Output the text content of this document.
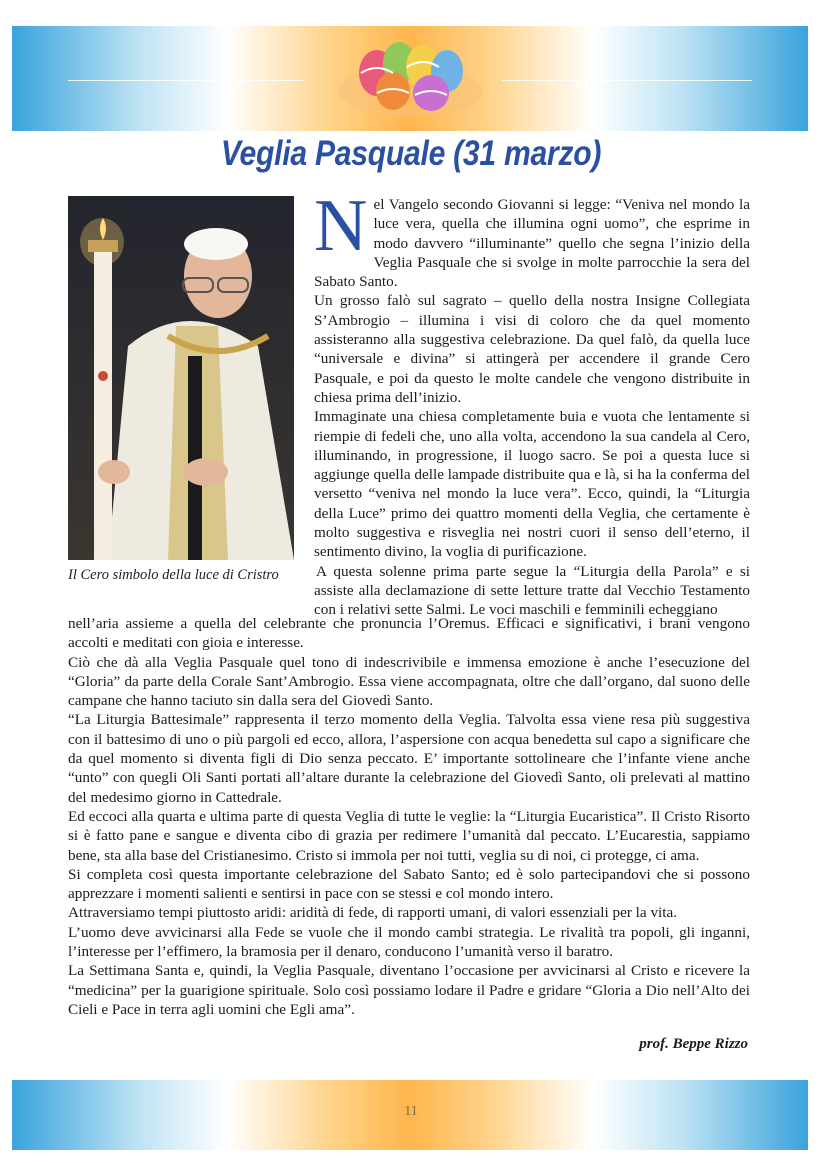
Veglia Pasquale (31 marzo)
Il Cero simbolo della luce di Cristro
N el Vangelo secondo Giovanni si legge: “Veniva nel mondo la luce vera, quella che illumina ogni uomo”, che esprime in modo davvero “illuminante” quello che segna l’inizio della Veglia Pasquale che si svolge in molte parrocchie la sera del Sabato Santo.

Un grosso falò sul sagrato – quello della nostra Insigne Collegiata S’Ambrogio – illumina i visi di coloro che da quel momento assisteranno alla suggestiva celebrazione. Da quel falò, da quella luce “universale e divina” si attingerà per accendere il grande Cero Pasquale, e poi da questo le molte candele che vengono distribuite in chiesa prima dell’inizio.

Immaginate una chiesa completamente buia e vuota che lentamente si riempie di fedeli che, uno alla volta, accendono la sua candela al Cero, illuminando, in progressione, il luogo sacro. Se poi a questa luce si aggiunge quella delle lampade distribuite qua e là, si ha la conferma del versetto “veniva nel mondo la luce vera”. Ecco, quindi, la “Liturgia della Luce” primo dei quattro momenti della Veglia, che certamente è molto suggestiva e risveglia nei nostri cuori il senso dell’eterno, il sentimento divino, la voglia di purificazione.

A questa solenne prima parte segue la “Liturgia della Parola” e si assiste alla declamazione di sette letture tratte dal Vecchio Testamento con i relativi sette Salmi. Le voci maschili e femminili echeggiano

nell’aria assieme a quella del celebrante che pronuncia l’Oremus. Efficaci e significativi, i brani vengono accolti e meditati con gioia e interesse.

Ciò che dà alla Veglia Pasquale quel tono di indescrivibile e immensa emozione è anche l’esecuzione del “Gloria” da parte della Corale Sant’Ambrogio. Essa viene accompagnata, oltre che dall’organo, dal suono delle campane che hanno taciuto sin dalla sera del Giovedì Santo.

“La Liturgia Battesimale” rappresenta il terzo momento della Veglia. Talvolta essa viene resa più suggestiva con il battesimo di uno o più pargoli ed ecco, allora, l’aspersione con acqua benedetta sul capo a significare che da quel momento si diventa figli di Dio senza peccato. E’ importante sottolineare che l’infante viene anche “unto” con quegli Oli Santi portati all’altare durante la celebrazione del Giovedì Santo, oli prelevati al mattino del medesimo giorno in Cattedrale.

Ed eccoci alla quarta e ultima parte di questa Veglia di tutte le veglie: la “Liturgia Eucaristica”. Il Cristo Risorto si è fatto pane e sangue e diventa cibo di grazia per redimere l’umanità dal peccato. L’Eucarestia, sappiamo bene, sta alla base del Cristianesimo. Cristo si immola per noi tutti, veglia su di noi, ci protegge, ci ama.

Si completa così questa importante celebrazione del Sabato Santo; ed è solo partecipandovi che si possono apprezzare i momenti salienti e sentirsi in pace con se stessi e col mondo intero.

Attraversiamo tempi piuttosto aridi: aridità di fede, di rapporti umani, di valori essenziali per la vita.

L’uomo deve avvicinarsi alla Fede se vuole che il mondo cambi strategia. Le rivalità tra popoli, gli inganni, l’interesse per l’effimero, la bramosia per il denaro, conducono l’umanità verso il baratro.

La Settimana Santa e, quindi, la Veglia Pasquale, diventano l’occasione per avvicinarsi al Cristo e ricevere la “medicina” per la guarigione spirituale. Solo così possiamo lodare il Padre e gridare “Gloria a Dio nell’Alto dei Cieli e Pace in terra agli uomini che Egli ama”.

prof. Beppe Rizzo
11
